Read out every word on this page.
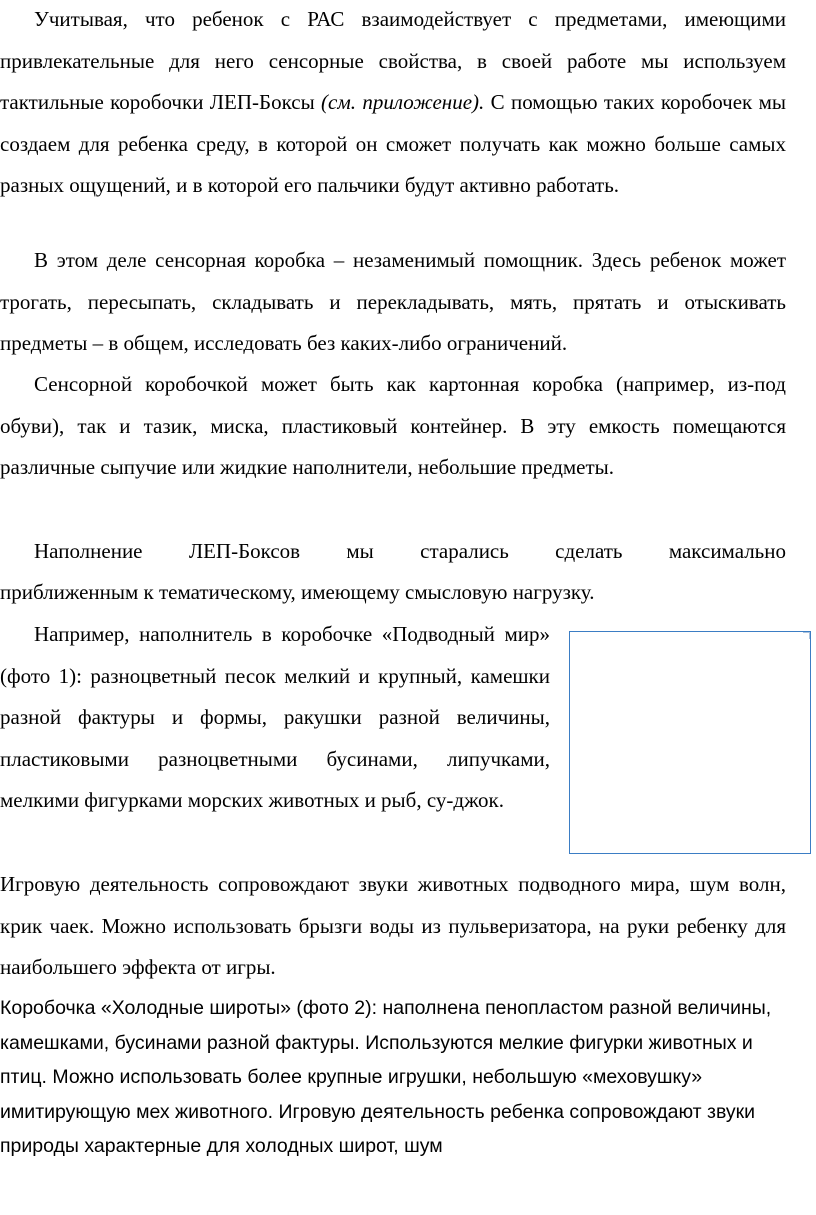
Учитывая, что ребенок с РАС взаимодействует с предметами, имеющими привлекательные для него сенсорные свойства, в своей работе мы используем тактильные коробочки ЛЕП-Боксы (см. приложение). С помощью таких коробочек мы создаем для ребенка среду, в которой он сможет получать как можно больше самых разных ощущений, и в которой его пальчики будут активно работать.
В этом деле сенсорная коробка – незаменимый помощник. Здесь ребенок может трогать, пересыпать, складывать и перекладывать, мять, прятать и отыскивать предметы – в общем, исследовать без каких-либо ограничений.
Сенсорной коробочкой может быть как картонная коробка (например, из-под обуви), так и тазик, миска, пластиковый контейнер. В эту емкость помещаются различные сыпучие или жидкие наполнители, небольшие предметы.
Наполнение ЛЕП-Боксов мы старались сделать максимально
приближенным к тематическому, имеющему смысловую нагрузку.
Например, наполнитель в коробочке «Подводный мир» (фото 1): разноцветный песок мелкий и крупный, камешки разной фактуры и формы, ракушки разной величины, пластиковыми разноцветными бусинами, липучками, мелкими фигурками морских животных и рыб, су-джок.
Игровую деятельность сопровождают звуки животных подводного мира, шум волн, крик чаек. Можно использовать брызги воды из пульверизатора, на руки ребенку для наибольшего эффекта от игры.
Коробочка «Холодные широты» (фото 2): наполнена пенопластом разной величины, камешками, бусинами разной фактуры. Используются мелкие фигурки животных и птиц. Можно использовать более крупные игрушки, небольшую «меховушку» имитирующую мех животного. Игровую деятельность ребенка сопровождают звуки природы характерные для холодных широт, шум
